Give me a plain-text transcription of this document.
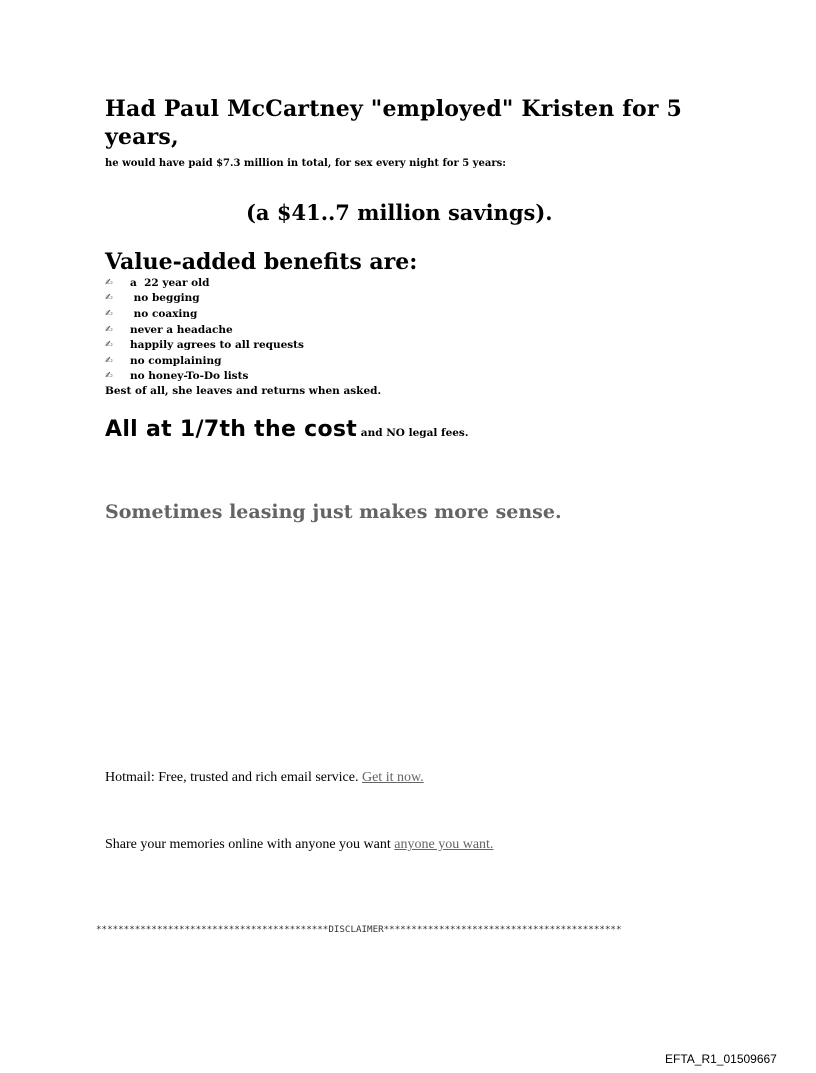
Had Paul McCartney "employed" Kristen for 5 years,
he would have paid $7.3 million in total, for sex every night for 5 years:
(a $41..7 million savings).
Value-added benefits are:
✍	a  22 year old
✍	no begging
✍	no coaxing
✍	never a headache
✍	happily agrees to all requests
✍	no complaining
✍	no honey-To-Do lists
Best of all, she leaves and returns when asked.
All at 1/7th the cost and NO legal fees.
Sometimes leasing just makes more sense.
Hotmail: Free, trusted and rich email service. Get it now.
Share your memories online with anyone you want anyone you want.
******************************************DISCLAIMER*******************************************
EFTA_R1_01509667
